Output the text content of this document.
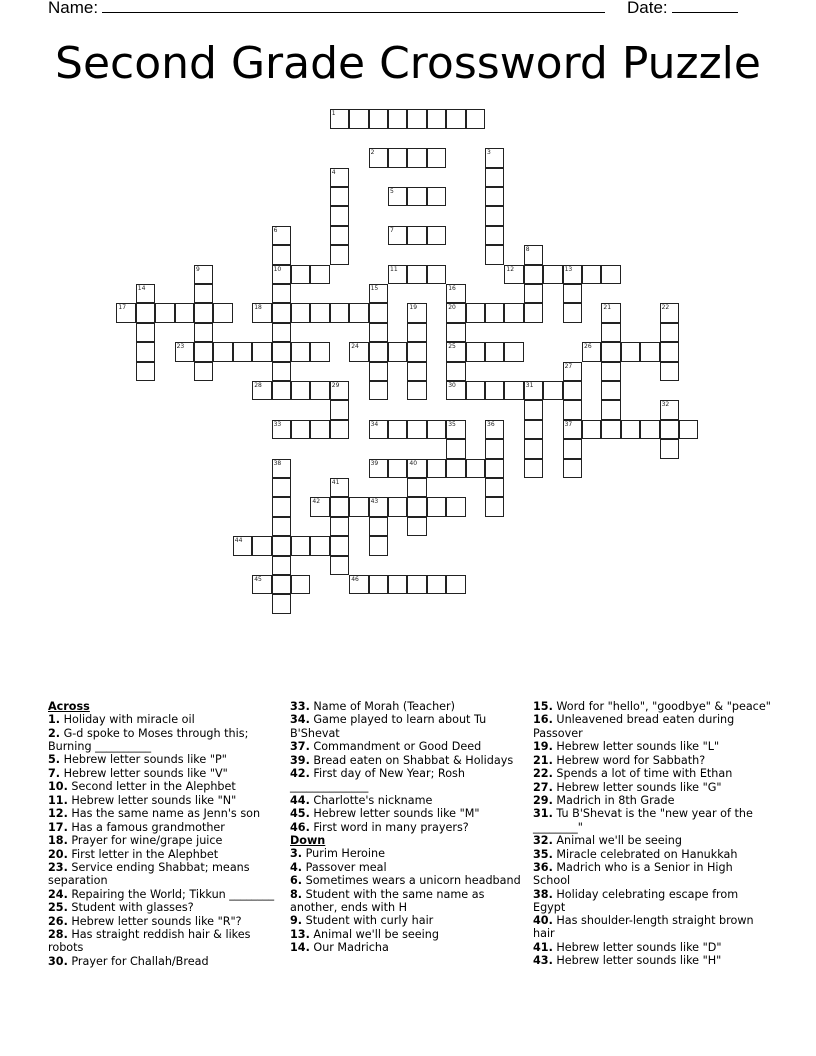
Name:	Date:
Second Grade Crossword Puzzle
1
2	3
4
5
6
10
7
8
9	11	12	13
14	15	16
20
25
30
17	18	19	21	22
23	24	26
27
37
28	29	31
32
33	34	35	36
38	39	40
41
42	43
44
45	46
Across
1. Holiday with miracle oil
2. G-d spoke to Moses through this; Burning __________
5. Hebrew letter sounds like "P"
7. Hebrew letter sounds like "V"
10. Second letter in the Alephbet
11. Hebrew letter sounds like "N"
12. Has the same name as Jenn's son
17. Has a famous grandmother
18. Prayer for wine/grape juice
20. First letter in the Alephbet
23. Service ending Shabbat; means separation
24. Repairing the World; Tikkun ________
25. Student with glasses?
26. Hebrew letter sounds like "R"?
28. Has straight reddish hair & likes robots
30. Prayer for Challah/Bread
33. Name of Morah (Teacher)
34. Game played to learn about Tu B'Shevat
37. Commandment or Good Deed
39. Bread eaten on Shabbat & Holidays
42. First day of New Year; Rosh ______________
44. Charlotte's nickname
45. Hebrew letter sounds like "M"
46. First word in many prayers?
Down
3. Purim Heroine
4. Passover meal
6. Sometimes wears a unicorn headband
8. Student with the same name as another, ends with H
9. Student with curly hair
13. Animal we'll be seeing
14. Our Madricha
15. Word for "hello", "goodbye" & "peace"
16. Unleavened bread eaten during Passover
19. Hebrew letter sounds like "L"
21. Hebrew word for Sabbath?
22. Spends a lot of time with Ethan
27. Hebrew letter sounds like "G"
29. Madrich in 8th Grade
31. Tu B'Shevat is the "new year of the ________"
32. Animal we'll be seeing
35. Miracle celebrated on Hanukkah
36. Madrich who is a Senior in High School
38. Holiday celebrating escape from Egypt
40. Has shoulder-length straight brown hair
41. Hebrew letter sounds like "D"
43. Hebrew letter sounds like "H"
